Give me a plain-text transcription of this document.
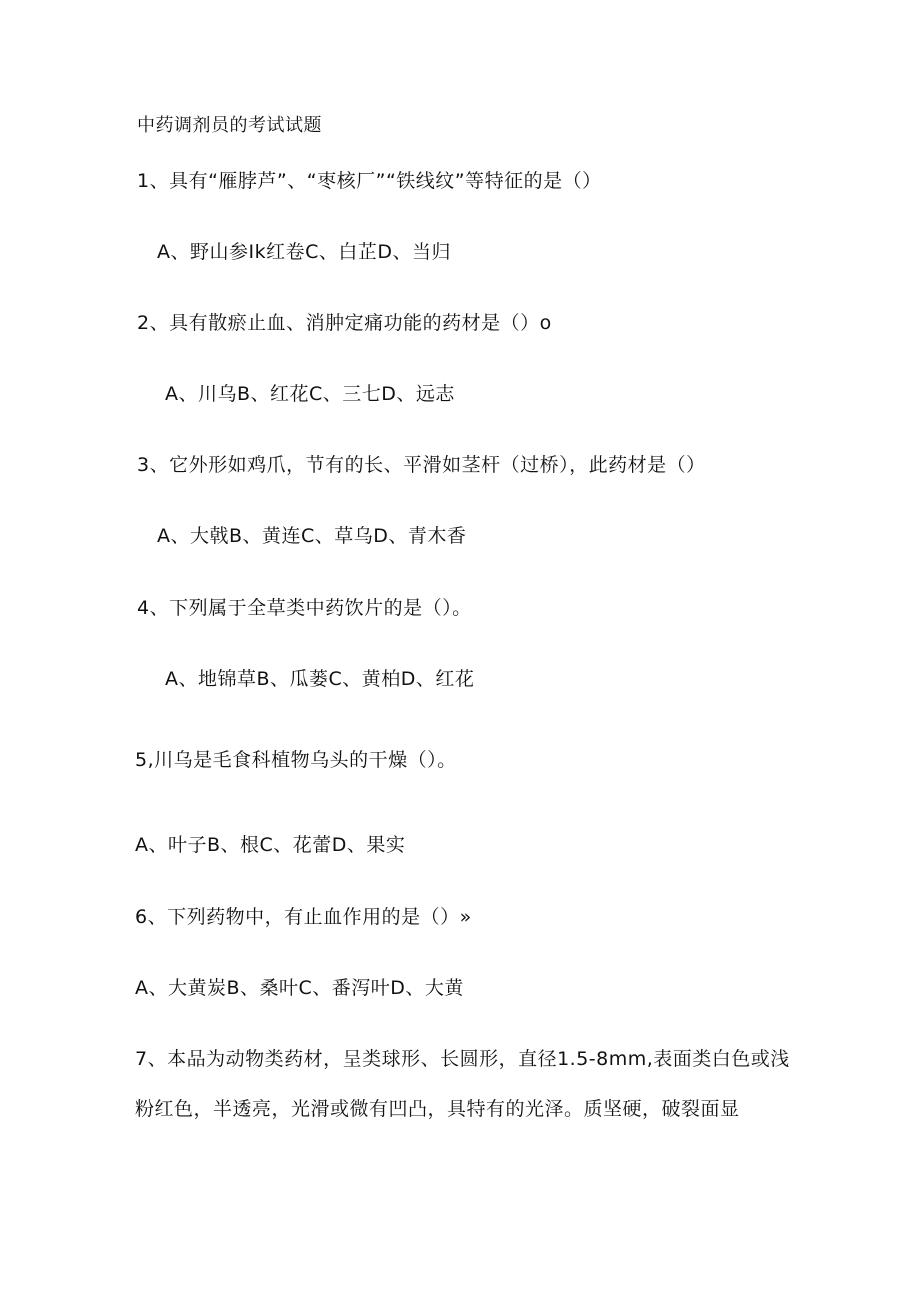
中药调剂员的考试试题
1、具有“雁脖芦”、“枣核厂”“铁线纹”等特征的是（）
A、野山参Ik红卷C、白芷D、当归
2、具有散瘀止血、消肿定痛功能的药材是（）o
A、川乌B、红花C、三七D、远志
3、它外形如鸡爪，节有的长、平滑如茎杆（过桥），此药材是（）
A、大戟B、黄连C、草乌D、青木香
4、下列属于全草类中药饮片的是（）。
A、地锦草B、瓜蒌C、黄柏D、红花
5,川乌是毛食科植物乌头的干燥（）。
A、叶子B、根C、花蕾D、果实
6、下列药物中，有止血作用的是（）»
A、大黄炭B、桑叶C、番泻叶D、大黄
7、本品为动物类药材，呈类球形、长圆形，直径1.5-8mm,表面类白色或浅
粉红色，半透亮，光滑或微有凹凸，具特有的光泽。质坚硬，破裂面显
